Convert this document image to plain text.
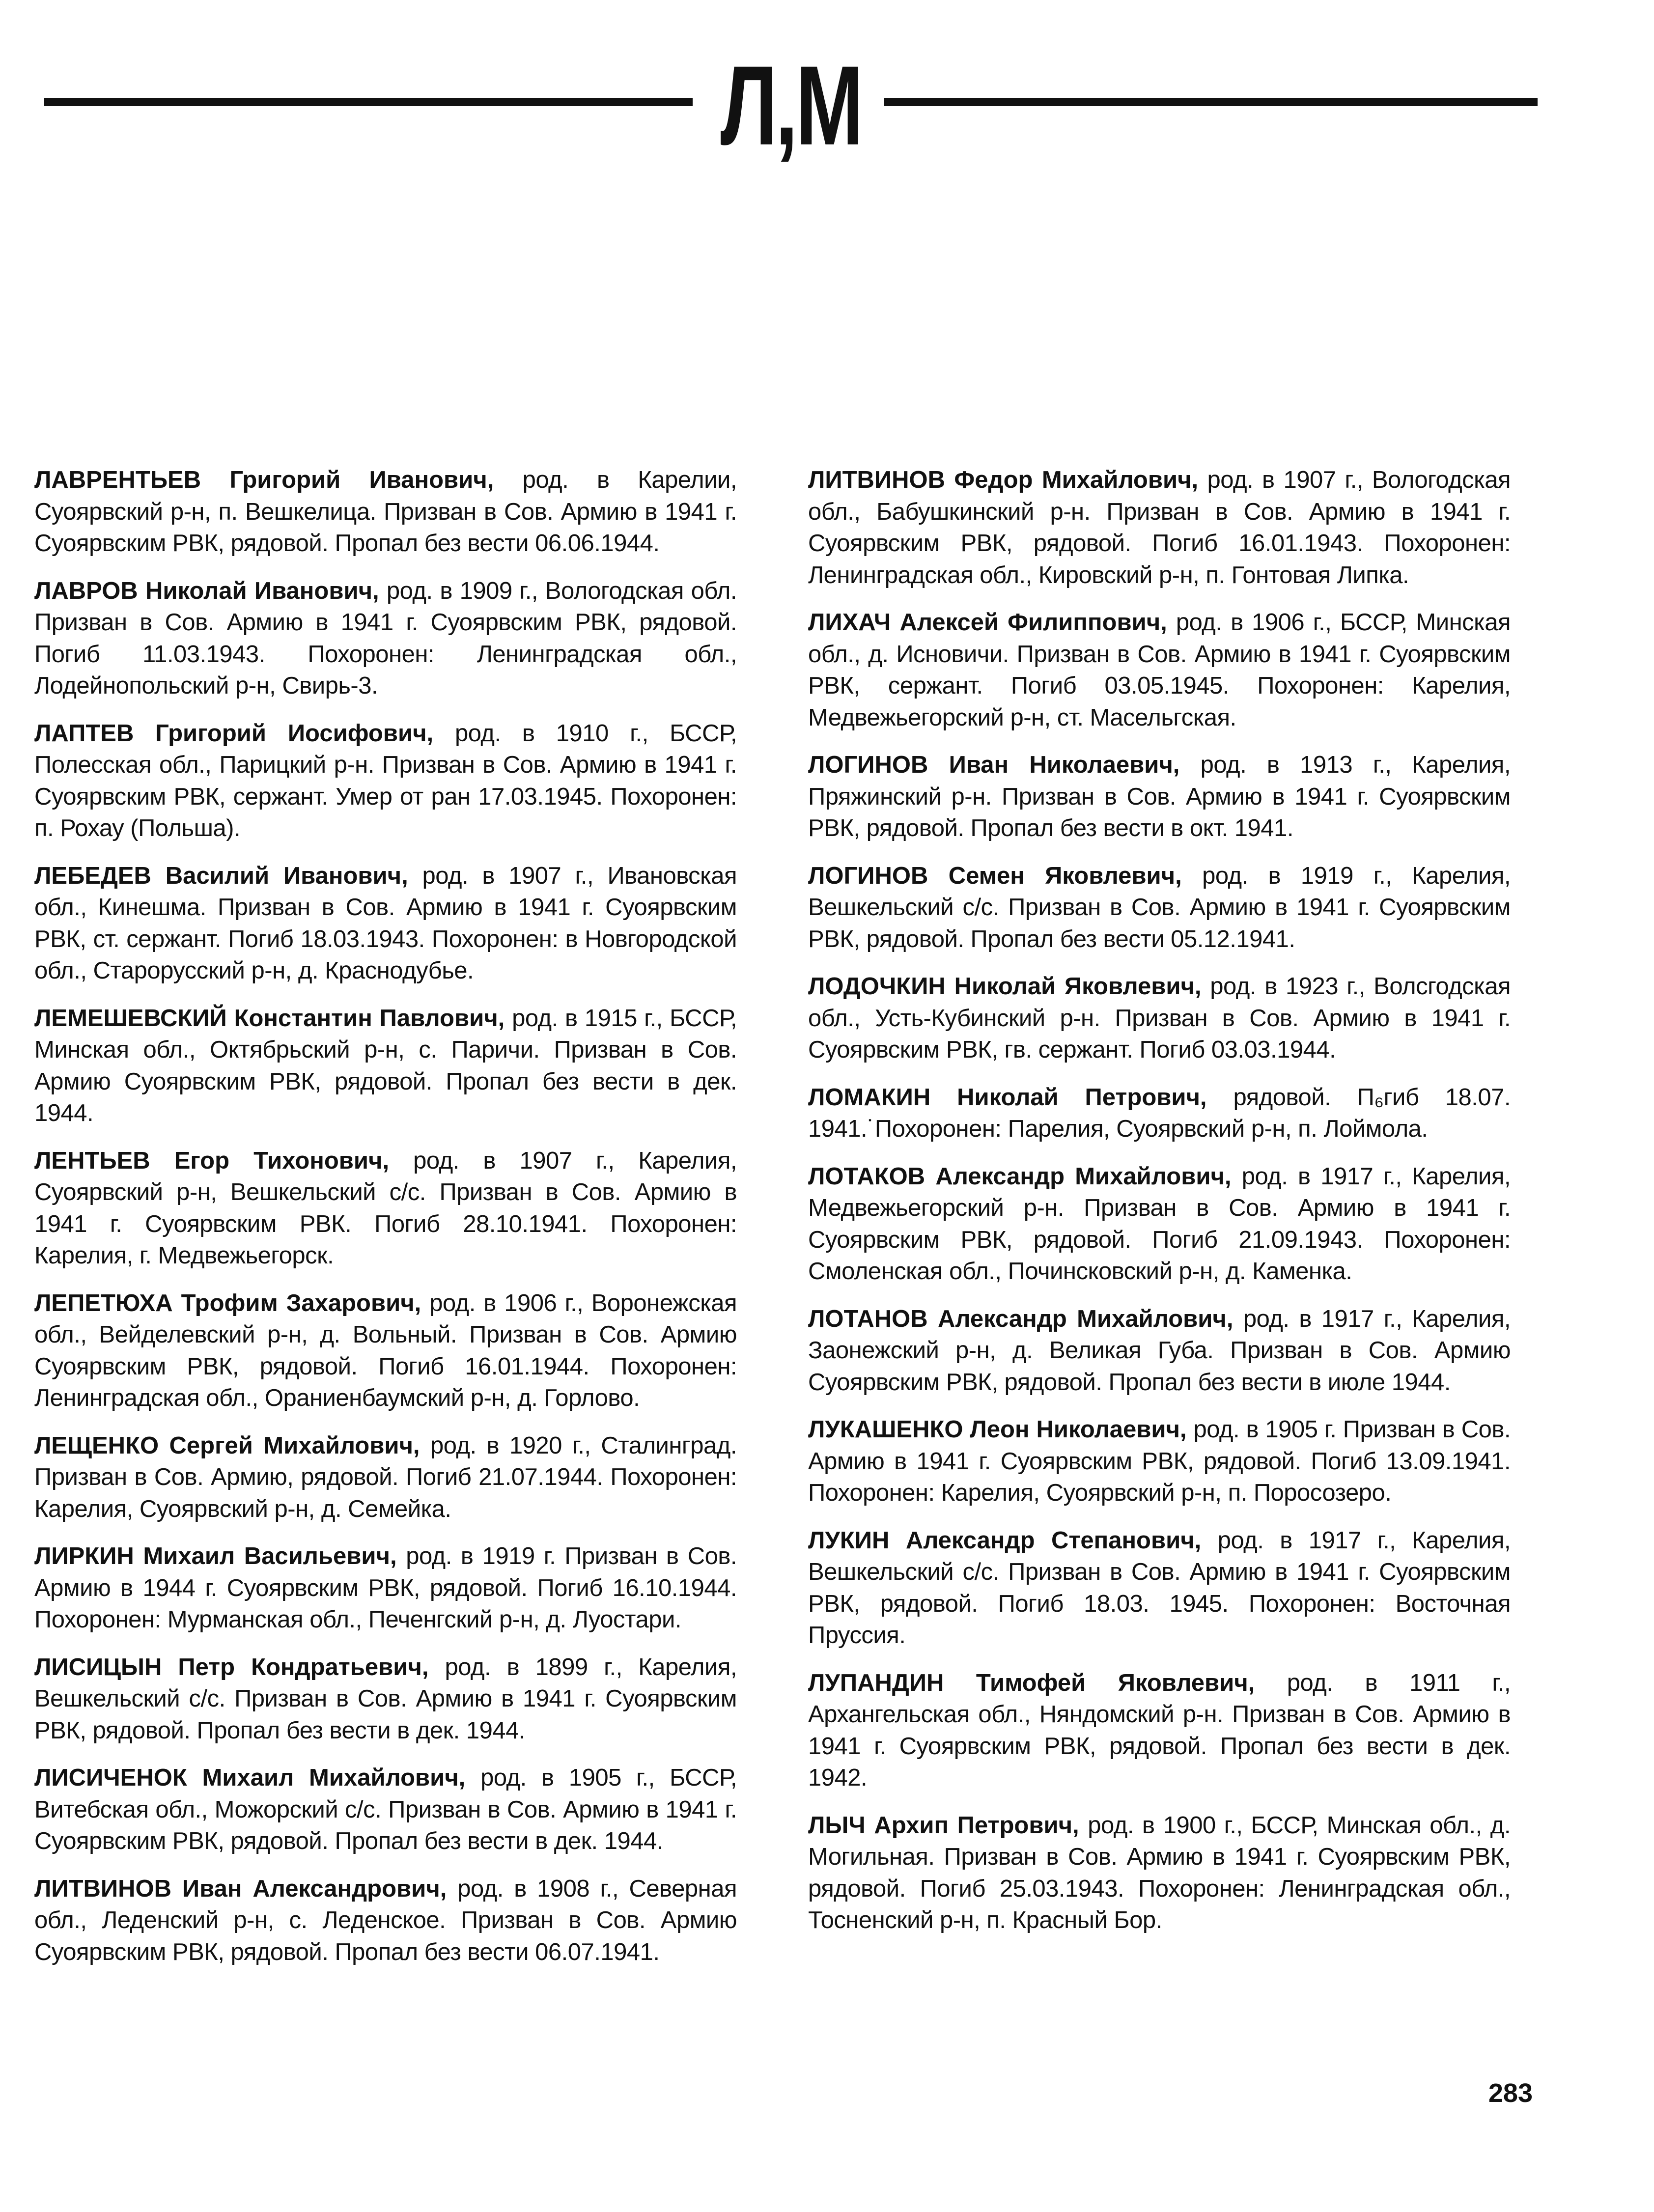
Л,М

ЛАВРЕНТЬЕВ Григорий Иванович, род. в Карелии, Суоярвский р-н, п. Вешкелица. Призван в Сов. Армию в 1941 г. Суоярвским РВК, рядовой. Пропал без вести 06.06.1944.

ЛАВРОВ Николай Иванович, род. в 1909 г., Вологодская обл. Призван в Сов. Армию в 1941 г. Суоярвским РВК, рядовой. Погиб 11.03.1943. Похоронен: Ленинградская обл., Лодейнопольский р-н, Свирь-3.

ЛАПТЕВ Григорий Иосифович, род. в 1910 г., БССР, Полесская обл., Парицкий р-н. Призван в Сов. Армию в 1941 г. Суоярвским РВК, сержант. Умер от ран 17.03.1945. Похоронен: п. Рохау (Польша).

ЛЕБЕДЕВ Василий Иванович, род. в 1907 г., Ивановская обл., Кинешма. Призван в Сов. Армию в 1941 г. Суоярвским РВК, ст. сержант. Погиб 18.03.1943. Похоронен: в Новгородской обл., Старорусский р-н, д. Краснодубье.

ЛЕМЕШЕВСКИЙ Константин Павлович, род. в 1915 г., БССР, Минская обл., Октябрьский р-н, с. Паричи. Призван в Сов. Армию Суоярвским РВК, рядовой. Пропал без вести в дек. 1944.

ЛЕНТЬЕВ Егор Тихонович, род. в 1907 г., Карелия, Суоярвский р-н, Вешкельский с/с. Призван в Сов. Армию в 1941 г. Суоярвским РВК. Погиб 28.10.1941. Похоронен: Карелия, г. Медвежьегорск.

ЛЕПЕТЮХА Трофим Захарович, род. в 1906 г., Воронежская обл., Вейделевский р-н, д. Вольный. Призван в Сов. Армию Суоярвским РВК, рядовой. Погиб 16.01.1944. Похоронен: Ленинградская обл., Ораниенбаумский р-н, д. Горлово.

ЛЕЩЕНКО Сергей Михайлович, род. в 1920 г., Сталинград. Призван в Сов. Армию, рядовой. Погиб 21.07.1944. Похоронен: Карелия, Суоярвский р-н, д. Семейка.

ЛИРКИН Михаил Васильевич, род. в 1919 г. Призван в Сов. Армию в 1944 г. Суоярвским РВК, рядовой. Погиб 16.10.1944. Похоронен: Мурманская обл., Печенгский р-н, д. Луостари.

ЛИСИЦЫН Петр Кондратьевич, род. в 1899 г., Карелия, Вешкельский с/с. Призван в Сов. Армию в 1941 г. Суоярвским РВК, рядовой. Пропал без вести в дек. 1944.

ЛИСИЧЕНОК Михаил Михайлович, род. в 1905 г., БССР, Витебская обл., Можорский с/с. Призван в Сов. Армию в 1941 г. Суоярвским РВК, рядовой. Пропал без вести в дек. 1944.

ЛИТВИНОВ Иван Александрович, род. в 1908 г., Северная обл., Леденский р-н, с. Леденское. Призван в Сов. Армию Суоярвским РВК, рядовой. Пропал без вести 06.07.1941.

ЛИТВИНОВ Федор Михайлович, род. в 1907 г., Вологодская обл., Бабушкинский р-н. Призван в Сов. Армию в 1941 г. Суоярвским РВК, рядовой. Погиб 16.01.1943. Похоронен: Ленинградская обл., Кировский р-н, п. Гонтовая Липка.

ЛИХАЧ Алексей Филиппович, род. в 1906 г., БССР, Минская обл., д. Исновичи. Призван в Сов. Армию в 1941 г. Суоярвским РВК, сержант. Погиб 03.05.1945. Похоронен: Карелия, Медвежьегорский р-н, ст. Масельгская.

ЛОГИНОВ Иван Николаевич, род. в 1913 г., Карелия, Пряжинский р-н. Призван в Сов. Армию в 1941 г. Суоярвским РВК, рядовой. Пропал без вести в окт. 1941.

ЛОГИНОВ Семен Яковлевич, род. в 1919 г., Карелия, Вешкельский с/с. Призван в Сов. Армию в 1941 г. Суоярвским РВК, рядовой. Пропал без вести 05.12.1941.

ЛОДОЧКИН Николай Яковлевич, род. в 1923 г., Волсгодская обл., Усть-Кубинский р-н. Призван в Сов. Армию в 1941 г. Суоярвским РВК, гв. сержант. Погиб 03.03.1944.

ЛОМАКИН Николай Петрович, рядовой. П₆гиб 18.07. 1941.˙Похоронен: Парелия, Суоярвский р-н, п. Лоймола.

ЛОТАКОВ Александр Михайлович, род. в 1917 г., Карелия, Медвежьегорский р-н. Призван в Сов. Армию в 1941 г. Суоярвским РВК, рядовой. Погиб 21.09.1943. Похоронен: Смоленская обл., Починсковский р-н, д. Каменка.

ЛОТАНОВ Александр Михайлович, род. в 1917 г., Карелия, Заонежский р-н, д. Великая Губа. Призван в Сов. Армию Суоярвским РВК, рядовой. Пропал без вести в июле 1944.

ЛУКАШЕНКО Леон Николаевич, род. в 1905 г. Призван в Сов. Армию в 1941 г. Суоярвским РВК, рядовой. Погиб 13.09.1941. Похоронен: Карелия, Суоярвский р-н, п. Поросозеро.

ЛУКИН Александр Степанович, род. в 1917 г., Карелия, Вешкельский с/с. Призван в Сов. Армию в 1941 г. Суоярвским РВК, рядовой. Погиб 18.03. 1945. Похоронен: Восточная Пруссия.

ЛУПАНДИН Тимофей Яковлевич, род. в 1911 г., Архангельская обл., Няндомский р-н. Призван в Сов. Армию в 1941 г. Суоярвским РВК, рядовой. Пропал без вести в дек. 1942.

ЛЫЧ Архип Петрович, род. в 1900 г., БССР, Минская обл., д. Могильная. Призван в Сов. Армию в 1941 г. Суоярвским РВК, рядовой. Погиб 25.03.1943. Похоронен: Ленинградская обл., Тосненский р-н, п. Красный Бор.

283
